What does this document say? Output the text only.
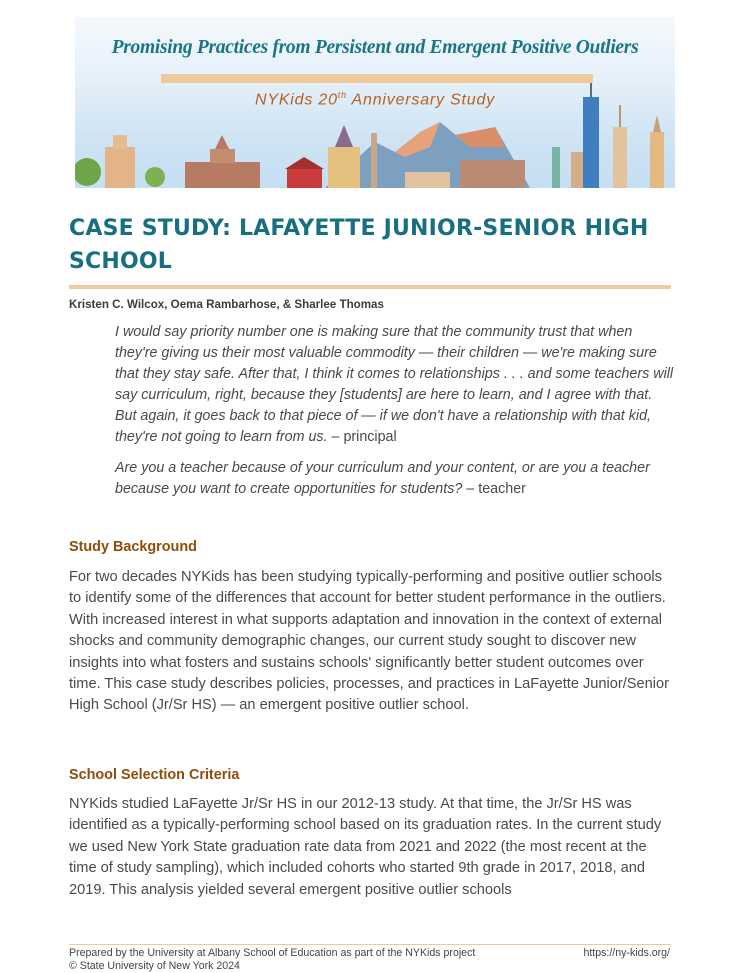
Promising Practices from Persistent and Emergent Positive Outliers
NYKids 20th Anniversary Study
CASE STUDY: LAFAYETTE JUNIOR-SENIOR HIGH SCHOOL
Kristen C. Wilcox, Oema Rambarhose, & Sharlee Thomas

I would say priority number one is making sure that the community trust that when they're giving us their most valuable commodity — their children — we're making sure that they stay safe. After that, I think it comes to relationships . . . and some teachers will say curriculum, right, because they [students] are here to learn, and I agree with that. But again, it goes back to that piece of — if we don't have a relationship with that kid, they're not going to learn from us. – principal

Are you a teacher because of your curriculum and your content, or are you a teacher because you want to create opportunities for students? – teacher

Study Background

For two decades NYKids has been studying typically-performing and positive outlier schools to identify some of the differences that account for better student performance in the outliers. With increased interest in what supports adaptation and innovation in the context of external shocks and community demographic changes, our current study sought to discover new insights into what fosters and sustains schools' significantly better student outcomes over time. This case study describes policies, processes, and practices in LaFayette Junior/Senior High School (Jr/Sr HS) — an emergent positive outlier school.

School Selection Criteria

NYKids studied LaFayette Jr/Sr HS in our 2012-13 study. At that time, the Jr/Sr HS was identified as a typically-performing school based on its graduation rates. In the current study we used New York State graduation rate data from 2021 and 2022 (the most recent at the time of study sampling), which included cohorts who started 9th grade in 2017, 2018, and 2019. This analysis yielded several emergent positive outlier schools

Prepared by the University at Albany School of Education as part of the NYKids project
© State University of New York 2024
https://ny-kids.org/
